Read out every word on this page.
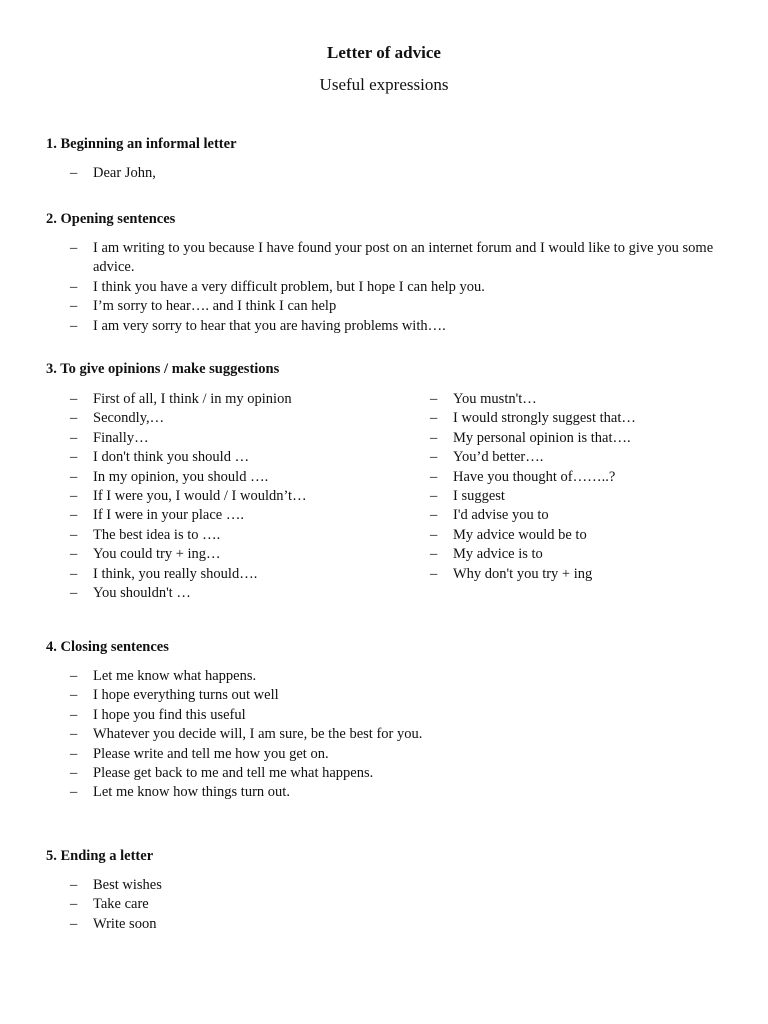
Letter of advice
Useful expressions
1. Beginning an informal letter
– Dear John,
2. Opening sentences
– I am writing to you because I have found your post on an internet forum and I would like to give you some advice.
– I think you have a very difficult problem, but I hope I can help you.
– I’m sorry to hear…. and I think I can help
– I am very sorry to hear that you are having problems with….
3. To give opinions / make suggestions
– First of all, I think / in my opinion
– Secondly,…
– Finally…
– I don't think you should …
– In my opinion, you should ….
– If I were you, I would / I wouldn’t…
– If I were in your place ….
– The best idea is to ….
– You could try + ing…
– I think, you really should….
– You shouldn't …
– You mustn't…
– I would strongly suggest that…
– My personal opinion is that….
– You’d better….
– Have you thought of……..?
– I suggest
– I'd advise you to
– My advice would be to
– My advice is to
– Why don't you try + ing
4. Closing sentences
– Let me know what happens.
– I hope everything turns out well
– I hope you find this useful
– Whatever you decide will, I am sure, be the best for you.
– Please write and tell me how you get on.
– Please get back to me and tell me what happens.
– Let me know how things turn out.
5. Ending a letter
– Best wishes
– Take care
– Write soon
